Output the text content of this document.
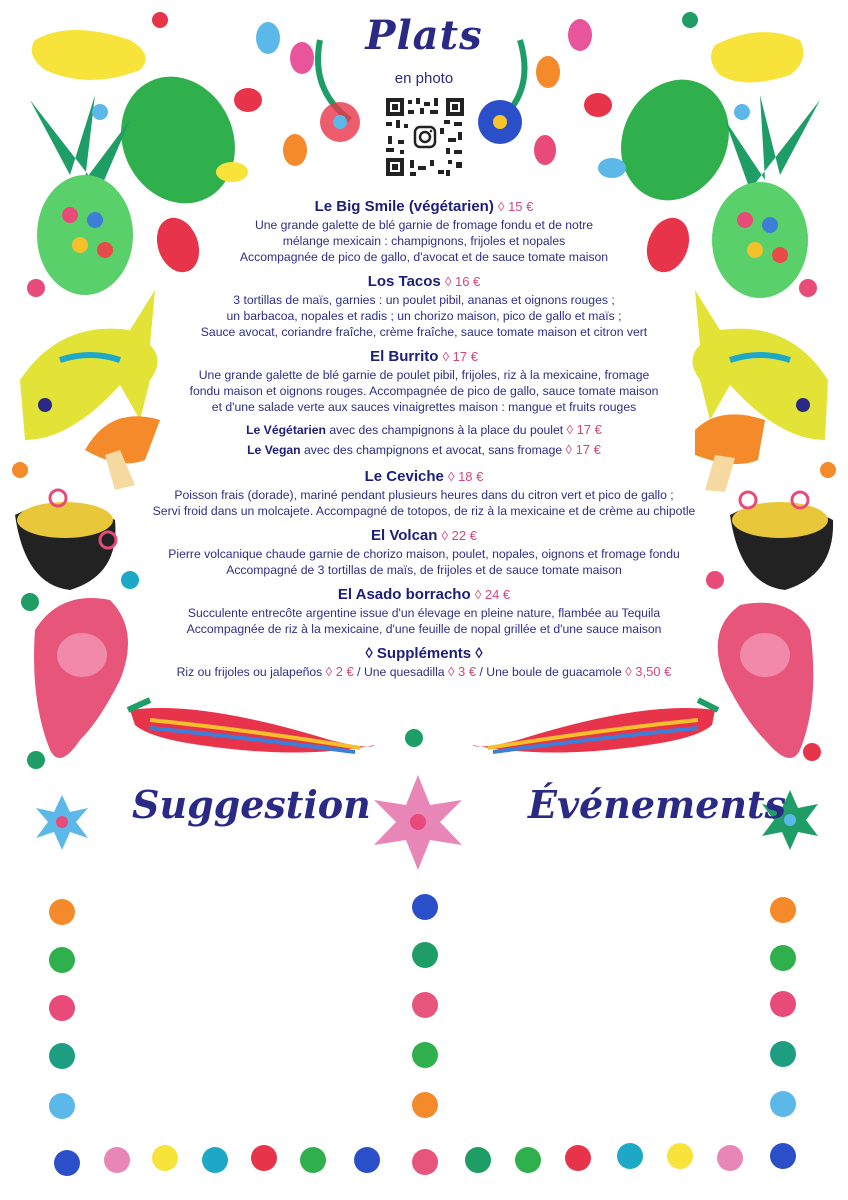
Plats
en photo
Le Big Smile (végétarien) ◊ 15 €
Une grande galette de blé garnie de fromage fondu et de notre
mélange mexicain : champignons, frijoles et nopales
Accompagnée de pico de gallo, d'avocat et de sauce tomate maison
Los Tacos ◊ 16 €
3 tortillas de maïs, garnies : un poulet pibil, ananas et oignons rouges ;
un barbacoa, nopales et radis ; un chorizo maison, pico de gallo et maïs ;
Sauce avocat, coriandre fraîche, crème fraîche, sauce tomate maison et citron vert
El Burrito ◊ 17 €
Une grande galette de blé garnie de poulet pibil, frijoles, riz à la mexicaine, fromage
fondu maison et oignons rouges. Accompagnée de pico de gallo, sauce tomate maison
et d'une salade verte aux sauces vinaigrettes maison : mangue et fruits rouges
Le Végétarien avec des champignons à la place du poulet ◊ 17 €
Le Vegan avec des champignons et avocat, sans fromage ◊ 17 €
Le Ceviche ◊ 18 €
Poisson frais (dorade), mariné pendant plusieurs heures dans du citron vert et pico de gallo ;
Servi froid dans un molcajete. Accompagné de totopos, de riz à la mexicaine et de crème au chipotle
El Volcan ◊ 22 €
Pierre volcanique chaude garnie de chorizo maison, poulet, nopales, oignons et fromage fondu
Accompagné de 3 tortillas de maïs, de frijoles et de sauce tomate maison
El Asado borracho ◊ 24 €
Succulente entrecôte argentine issue d'un élevage en pleine nature, flambée au Tequila
Accompagnée de riz à la mexicaine, d'une feuille de nopal grillée et d'une sauce maison
◊ Suppléments ◊
Riz ou frijoles ou jalapeños ◊ 2 € / Une quesadilla ◊ 3 € / Une boule de guacamole ◊ 3,50 €
Suggestion	Événements
